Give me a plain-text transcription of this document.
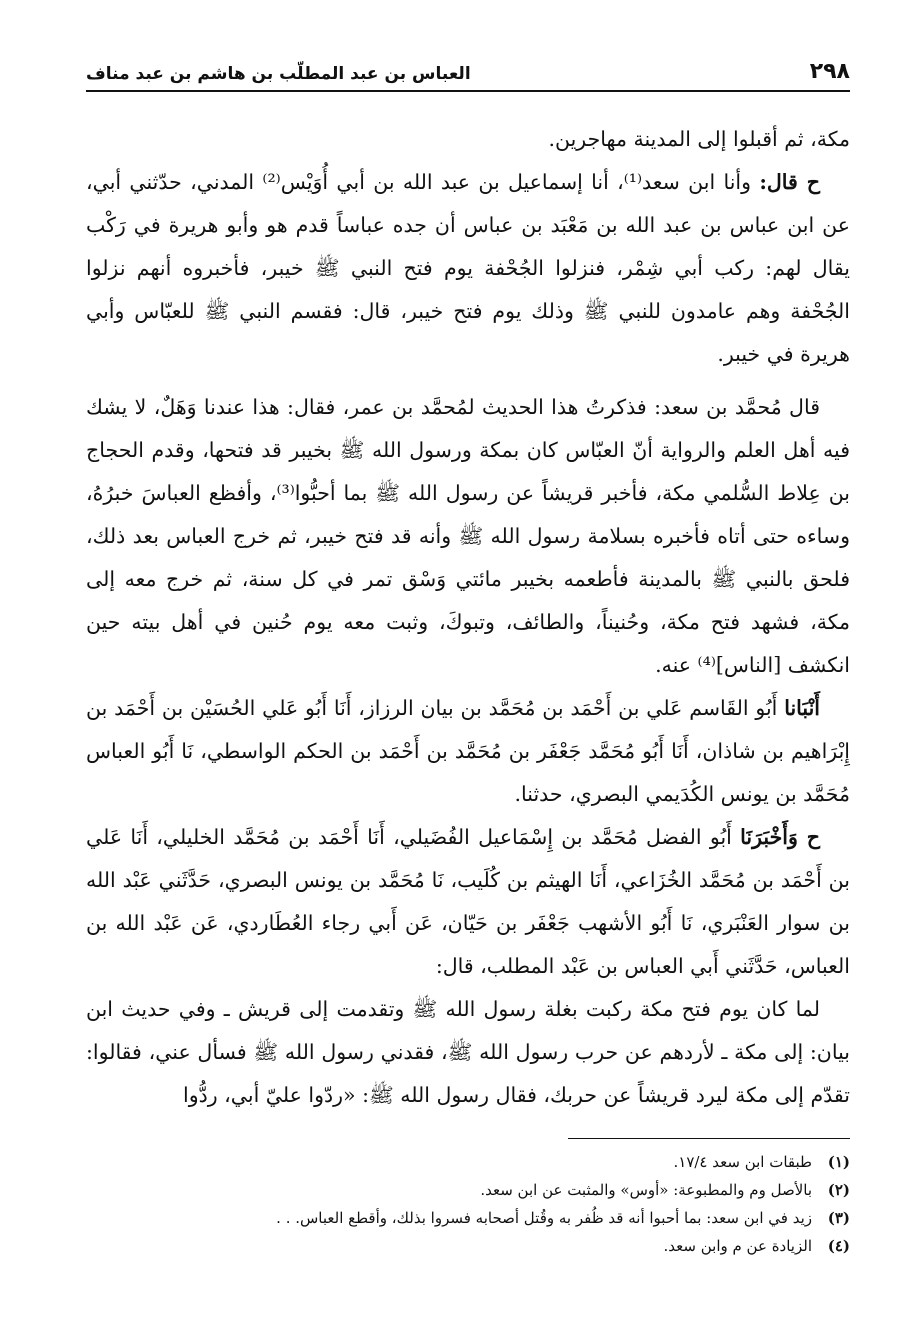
٢٩٨
العباس بن عبد المطلّب بن هاشم بن عبد مناف

مكة، ثم أقبلوا إلى المدينة مهاجرين.

ح قال: وأنا ابن سعد⁽¹⁾، أنا إسماعيل بن عبد الله بن أبي أُوَيْس⁽²⁾ المدني، حدّثني أبي، عن ابن عباس بن عبد الله بن مَعْبَد بن عباس أن جده عباساً قدم هو وأبو هريرة في رَكْب يقال لهم: ركب أبي شِمْر، فنزلوا الجُحْفة يوم فتح النبي ﷺ خيبر، فأخبروه أنهم نزلوا الجُحْفة وهم عامدون للنبي ﷺ وذلك يوم فتح خيبر، قال: فقسم النبي ﷺ للعبّاس وأبي هريرة في خيبر.

قال مُحمَّد بن سعد: فذكرتُ هذا الحديث لمُحمَّد بن عمر، فقال: هذا عندنا وَهَلٌ، لا يشك فيه أهل العلم والرواية أنّ العبّاس كان بمكة ورسول الله ﷺ بخيبر قد فتحها، وقدم الحجاج بن عِلاط السُّلمي مكة، فأخبر قريشاً عن رسول الله ﷺ بما أحبُّوا⁽³⁾، وأفظع العباسَ خبرُهُ، وساءه حتى أتاه فأخبره بسلامة رسول الله ﷺ وأنه قد فتح خيبر، ثم خرج العباس بعد ذلك، فلحق بالنبي ﷺ بالمدينة فأطعمه بخيبر مائتي وَسْق تمر في كل سنة، ثم خرج معه إلى مكة، فشهد فتح مكة، وحُنيناً، والطائف، وتبوكَ، وثبت معه يوم حُنين في أهل بيته حين انكشف [الناس]⁽⁴⁾ عنه.

أَنْبَانا أَبُو القَاسم عَلي بن أَحْمَد بن مُحَمَّد بن بيان الرزاز، أَنَا أَبُو عَلي الحُسَيْن بن أَحْمَد بن إِبْرَاهيم بن شاذان، أَنَا أَبُو مُحَمَّد جَعْفَر بن مُحَمَّد بن أَحْمَد بن الحكم الواسطي، نَا أَبُو العباس مُحَمَّد بن يونس الكُدَيمي البصري، حدثنا.

ح وَأَخْبَرَنَا أَبُو الفضل مُحَمَّد بن إِسْمَاعيل الفُضَيلي، أَنَا أَحْمَد بن مُحَمَّد الخليلي، أَنَا عَلي بن أَحْمَد بن مُحَمَّد الخُزَاعي، أَنَا الهيثم بن كُلَيب، نَا مُحَمَّد بن يونس البصري، حَدَّثَني عَبْد الله بن سوار العَنْبَري، نَا أَبُو الأشهب جَعْفَر بن حَيّان، عَن أَبي رجاء العُطَاردي، عَن عَبْد الله بن العباس، حَدَّثَني أَبي العباس بن عَبْد المطلب، قال:

لما كان يوم فتح مكة ركبت بغلة رسول الله ﷺ وتقدمت إلى قريش ـ وفي حديث ابن بيان: إلى مكة ـ لأردهم عن حرب رسول الله ﷺ، فقدني رسول الله ﷺ فسأل عني، فقالوا: تقدّم إلى مكة ليرد قريشاً عن حربك، فقال رسول الله ﷺ: «ردّوا عليّ أبي، ردُّوا

(١)
طبقات ابن سعد ١٧/٤.
(٢)
بالأصل وم والمطبوعة: «أوس» والمثبت عن ابن سعد.
(٣)
زيد في ابن سعد: بما أحبوا أنه قد ظُفر به وقُتل أصحابه فسروا بذلك، وأقطع العباس. . .
(٤)
الزيادة عن م وابن سعد.
